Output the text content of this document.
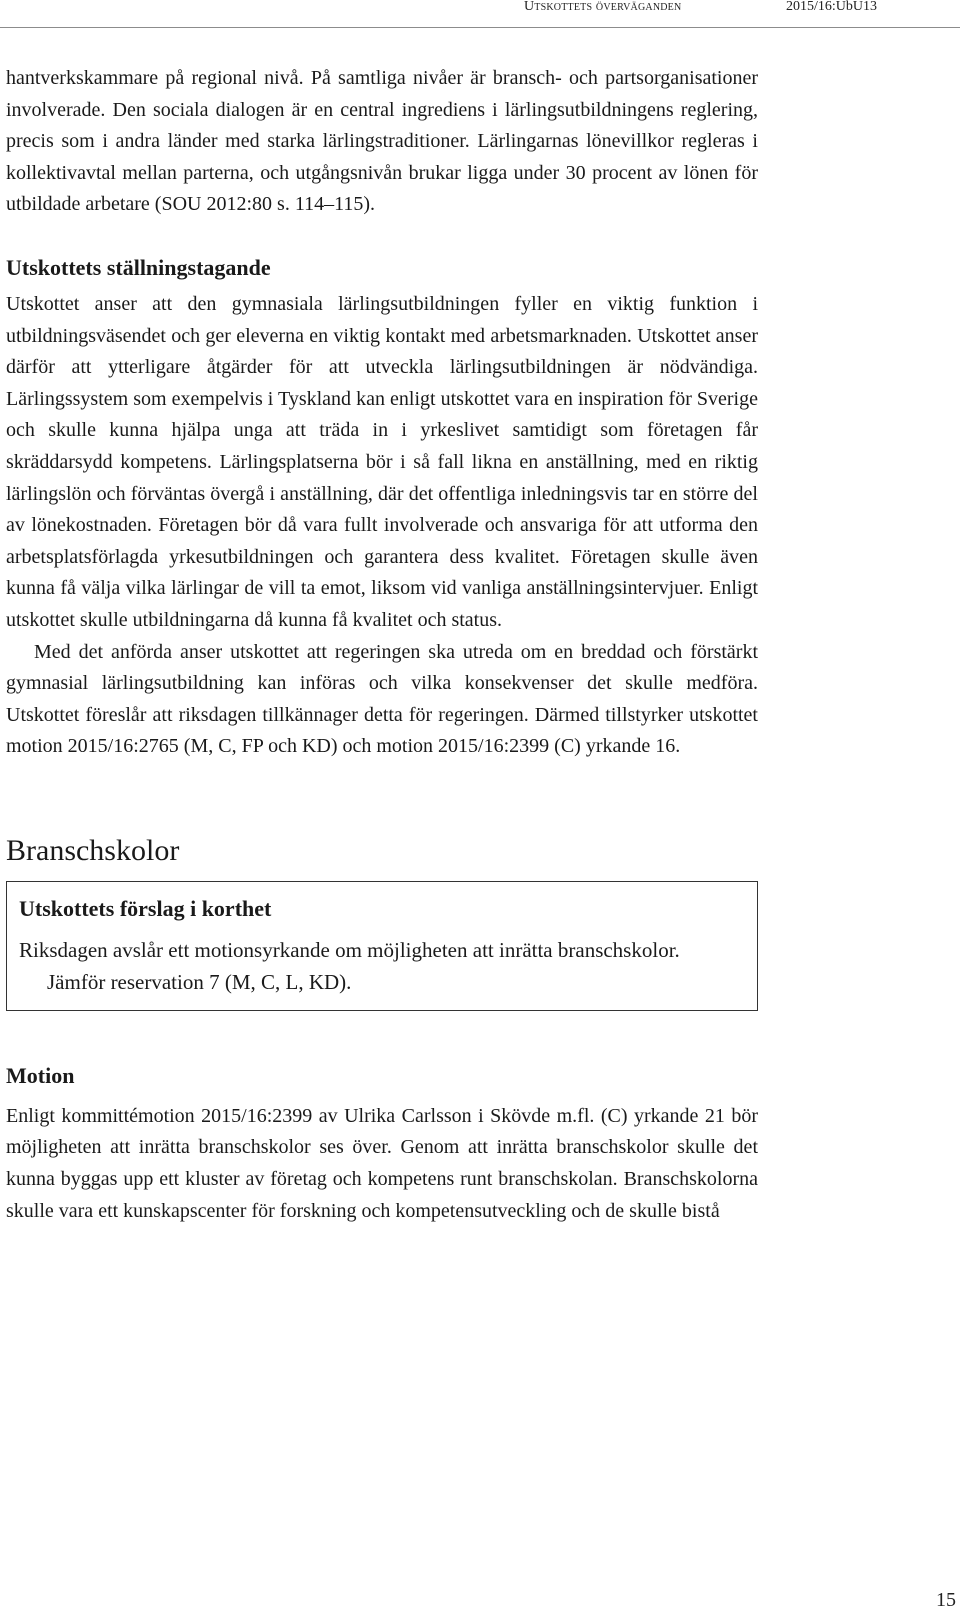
Utskottets överväganden	2015/16:UbU13

hantverkskammare på regional nivå. På samtliga nivåer är bransch- och partsorganisationer involverade. Den sociala dialogen är en central ingrediens i lärlingsutbildningens reglering, precis som i andra länder med starka lärlingstraditioner. Lärlingarnas lönevillkor regleras i kollektivavtal mellan parterna, och utgångsnivån brukar ligga under 30 procent av lönen för utbildade arbetare (SOU 2012:80 s. 114–115).

Utskottets ställningstagande

Utskottet anser att den gymnasiala lärlingsutbildningen fyller en viktig funktion i utbildningsväsendet och ger eleverna en viktig kontakt med arbetsmarknaden. Utskottet anser därför att ytterligare åtgärder för att utveckla lärlingsutbildningen är nödvändiga. Lärlingssystem som exempelvis i Tyskland kan enligt utskottet vara en inspiration för Sverige och skulle kunna hjälpa unga att träda in i yrkeslivet samtidigt som företagen får skräddarsydd kompetens. Lärlingsplatserna bör i så fall likna en anställning, med en riktig lärlingslön och förväntas övergå i anställning, där det offentliga inledningsvis tar en större del av lönekostnaden. Företagen bör då vara fullt involverade och ansvariga för att utforma den arbetsplatsförlagda yrkesutbildningen och garantera dess kvalitet. Företagen skulle även kunna få välja vilka lärlingar de vill ta emot, liksom vid vanliga anställningsintervjuer. Enligt utskottet skulle utbildningarna då kunna få kvalitet och status.

Med det anförda anser utskottet att regeringen ska utreda om en breddad och förstärkt gymnasial lärlingsutbildning kan införas och vilka konsekvenser det skulle medföra. Utskottet föreslår att riksdagen tillkännager detta för regeringen. Därmed tillstyrker utskottet motion 2015/16:2765 (M, C, FP och KD) och motion 2015/16:2399 (C) yrkande 16.

Branschskolor
Utskottets förslag i korthet

Riksdagen avslår ett motionsyrkande om möjligheten att inrätta branschskolor.

Jämför reservation 7 (M, C, L, KD).

Motion

Enligt kommittémotion 2015/16:2399 av Ulrika Carlsson i Skövde m.fl. (C) yrkande 21 bör möjligheten att inrätta branschskolor ses över. Genom att inrätta branschskolor skulle det kunna byggas upp ett kluster av företag och kompetens runt branschskolan. Branschskolorna skulle vara ett kunskapscenter för forskning och kompetensutveckling och de skulle bistå

15
